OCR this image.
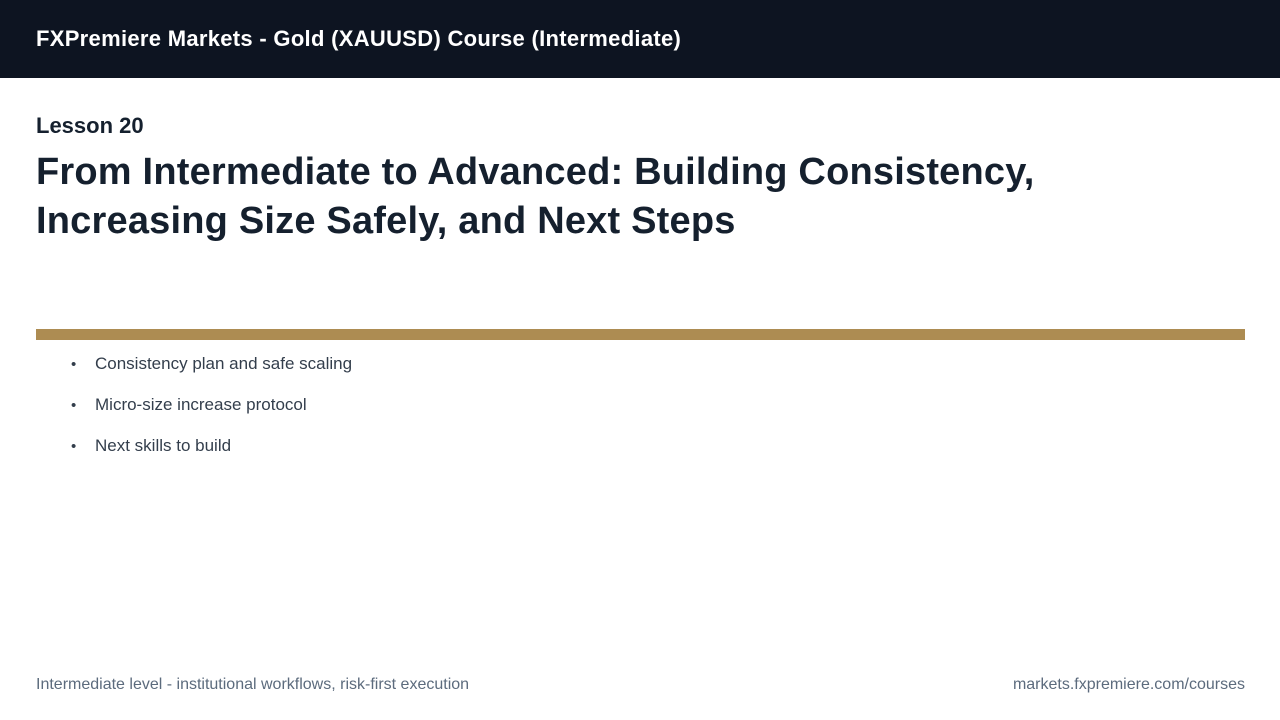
FXPremiere Markets - Gold (XAUUSD) Course (Intermediate)
Lesson 20
From Intermediate to Advanced: Building Consistency, Increasing Size Safely, and Next Steps
•	Consistency plan and safe scaling
•	Micro-size increase protocol
•	Next skills to build
Intermediate level - institutional workflows, risk-first execution	markets.fxpremiere.com/courses
